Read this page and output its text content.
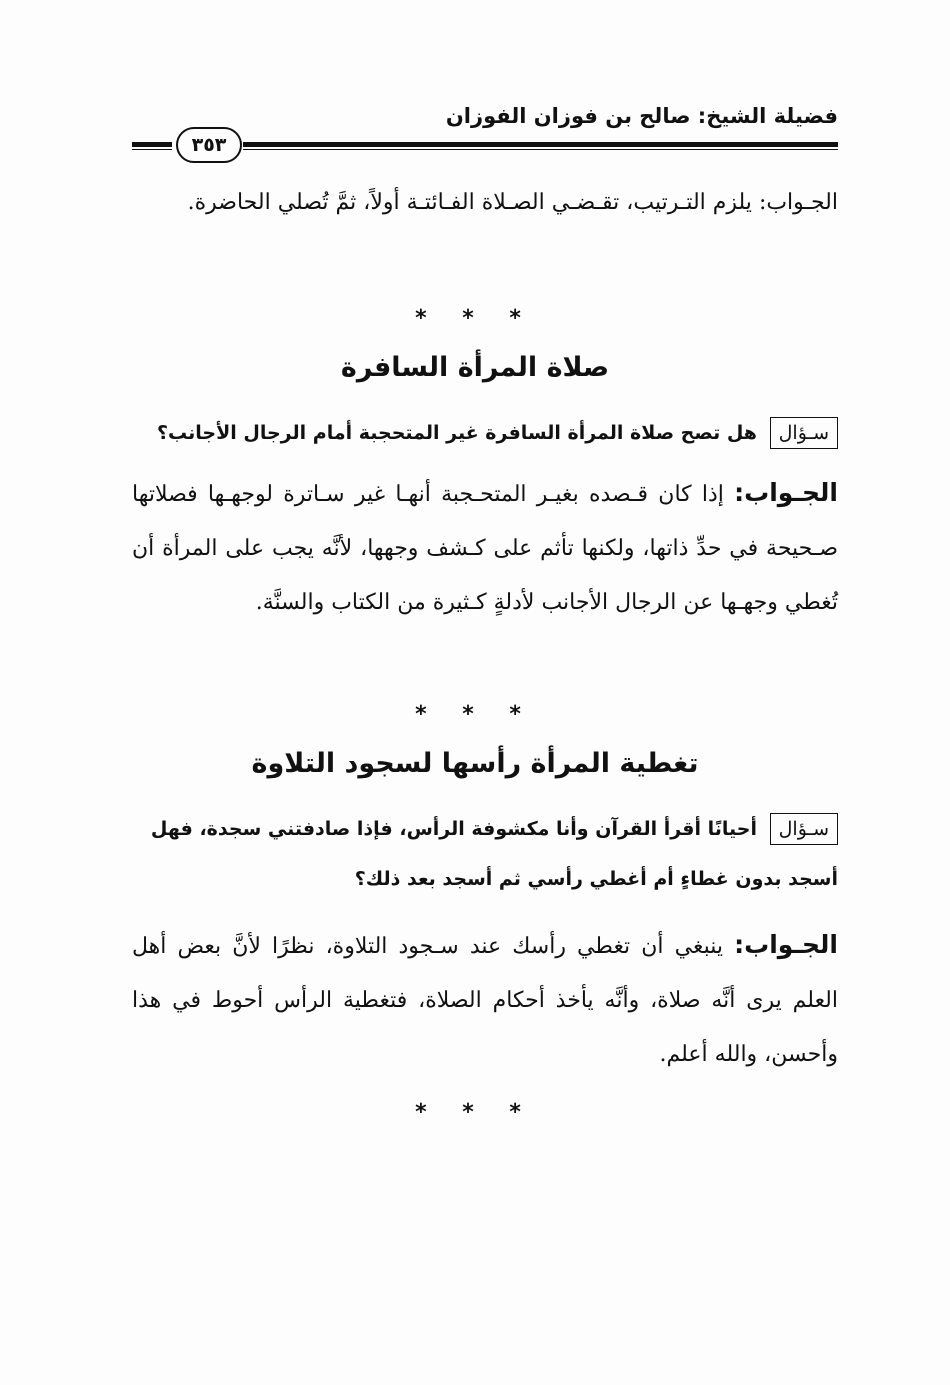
فضيلة الشيخ: صالح بن فوزان الفوزان
٣٥٣
الجـواب: يلزم التـرتيب، تقـضـي الصـلاة الفـائتـة أولاً، ثمَّ تُصلي الحاضرة.
* * *
صلاة المرأة السافرة
سـؤال هل تصح صلاة المرأة السافرة غير المتحجبة أمام الرجال الأجانب؟
الجـواب: إذا كان قـصده بغيـر المتحـجبة أنهـا غير سـاترة لوجهـها فصلاتها صـحيحة في حدِّ ذاتها، ولكنها تأثم على كـشف وجهها، لأنَّه يجب على المرأة أن تُغطي وجهـها عن الرجال الأجانب لأدلةٍ كـثيرة من الكتاب والسنَّة.
* * *
تغطية المرأة رأسها لسجود التلاوة
سـؤال أحيانًا أقرأ القرآن وأنا مكشوفة الرأس، فإذا صادفتني سجدة، فهل أسجد بدون غطاءٍ أم أغطي رأسي ثم أسجد بعد ذلك؟
الجـواب: ينبغي أن تغطي رأسك عند سـجود التلاوة، نظرًا لأنَّ بعض أهل العلم يرى أنَّه صلاة، وأنَّه يأخذ أحكام الصلاة، فتغطية الرأس أحوط في هذا وأحسن، والله أعلم.
* * *
